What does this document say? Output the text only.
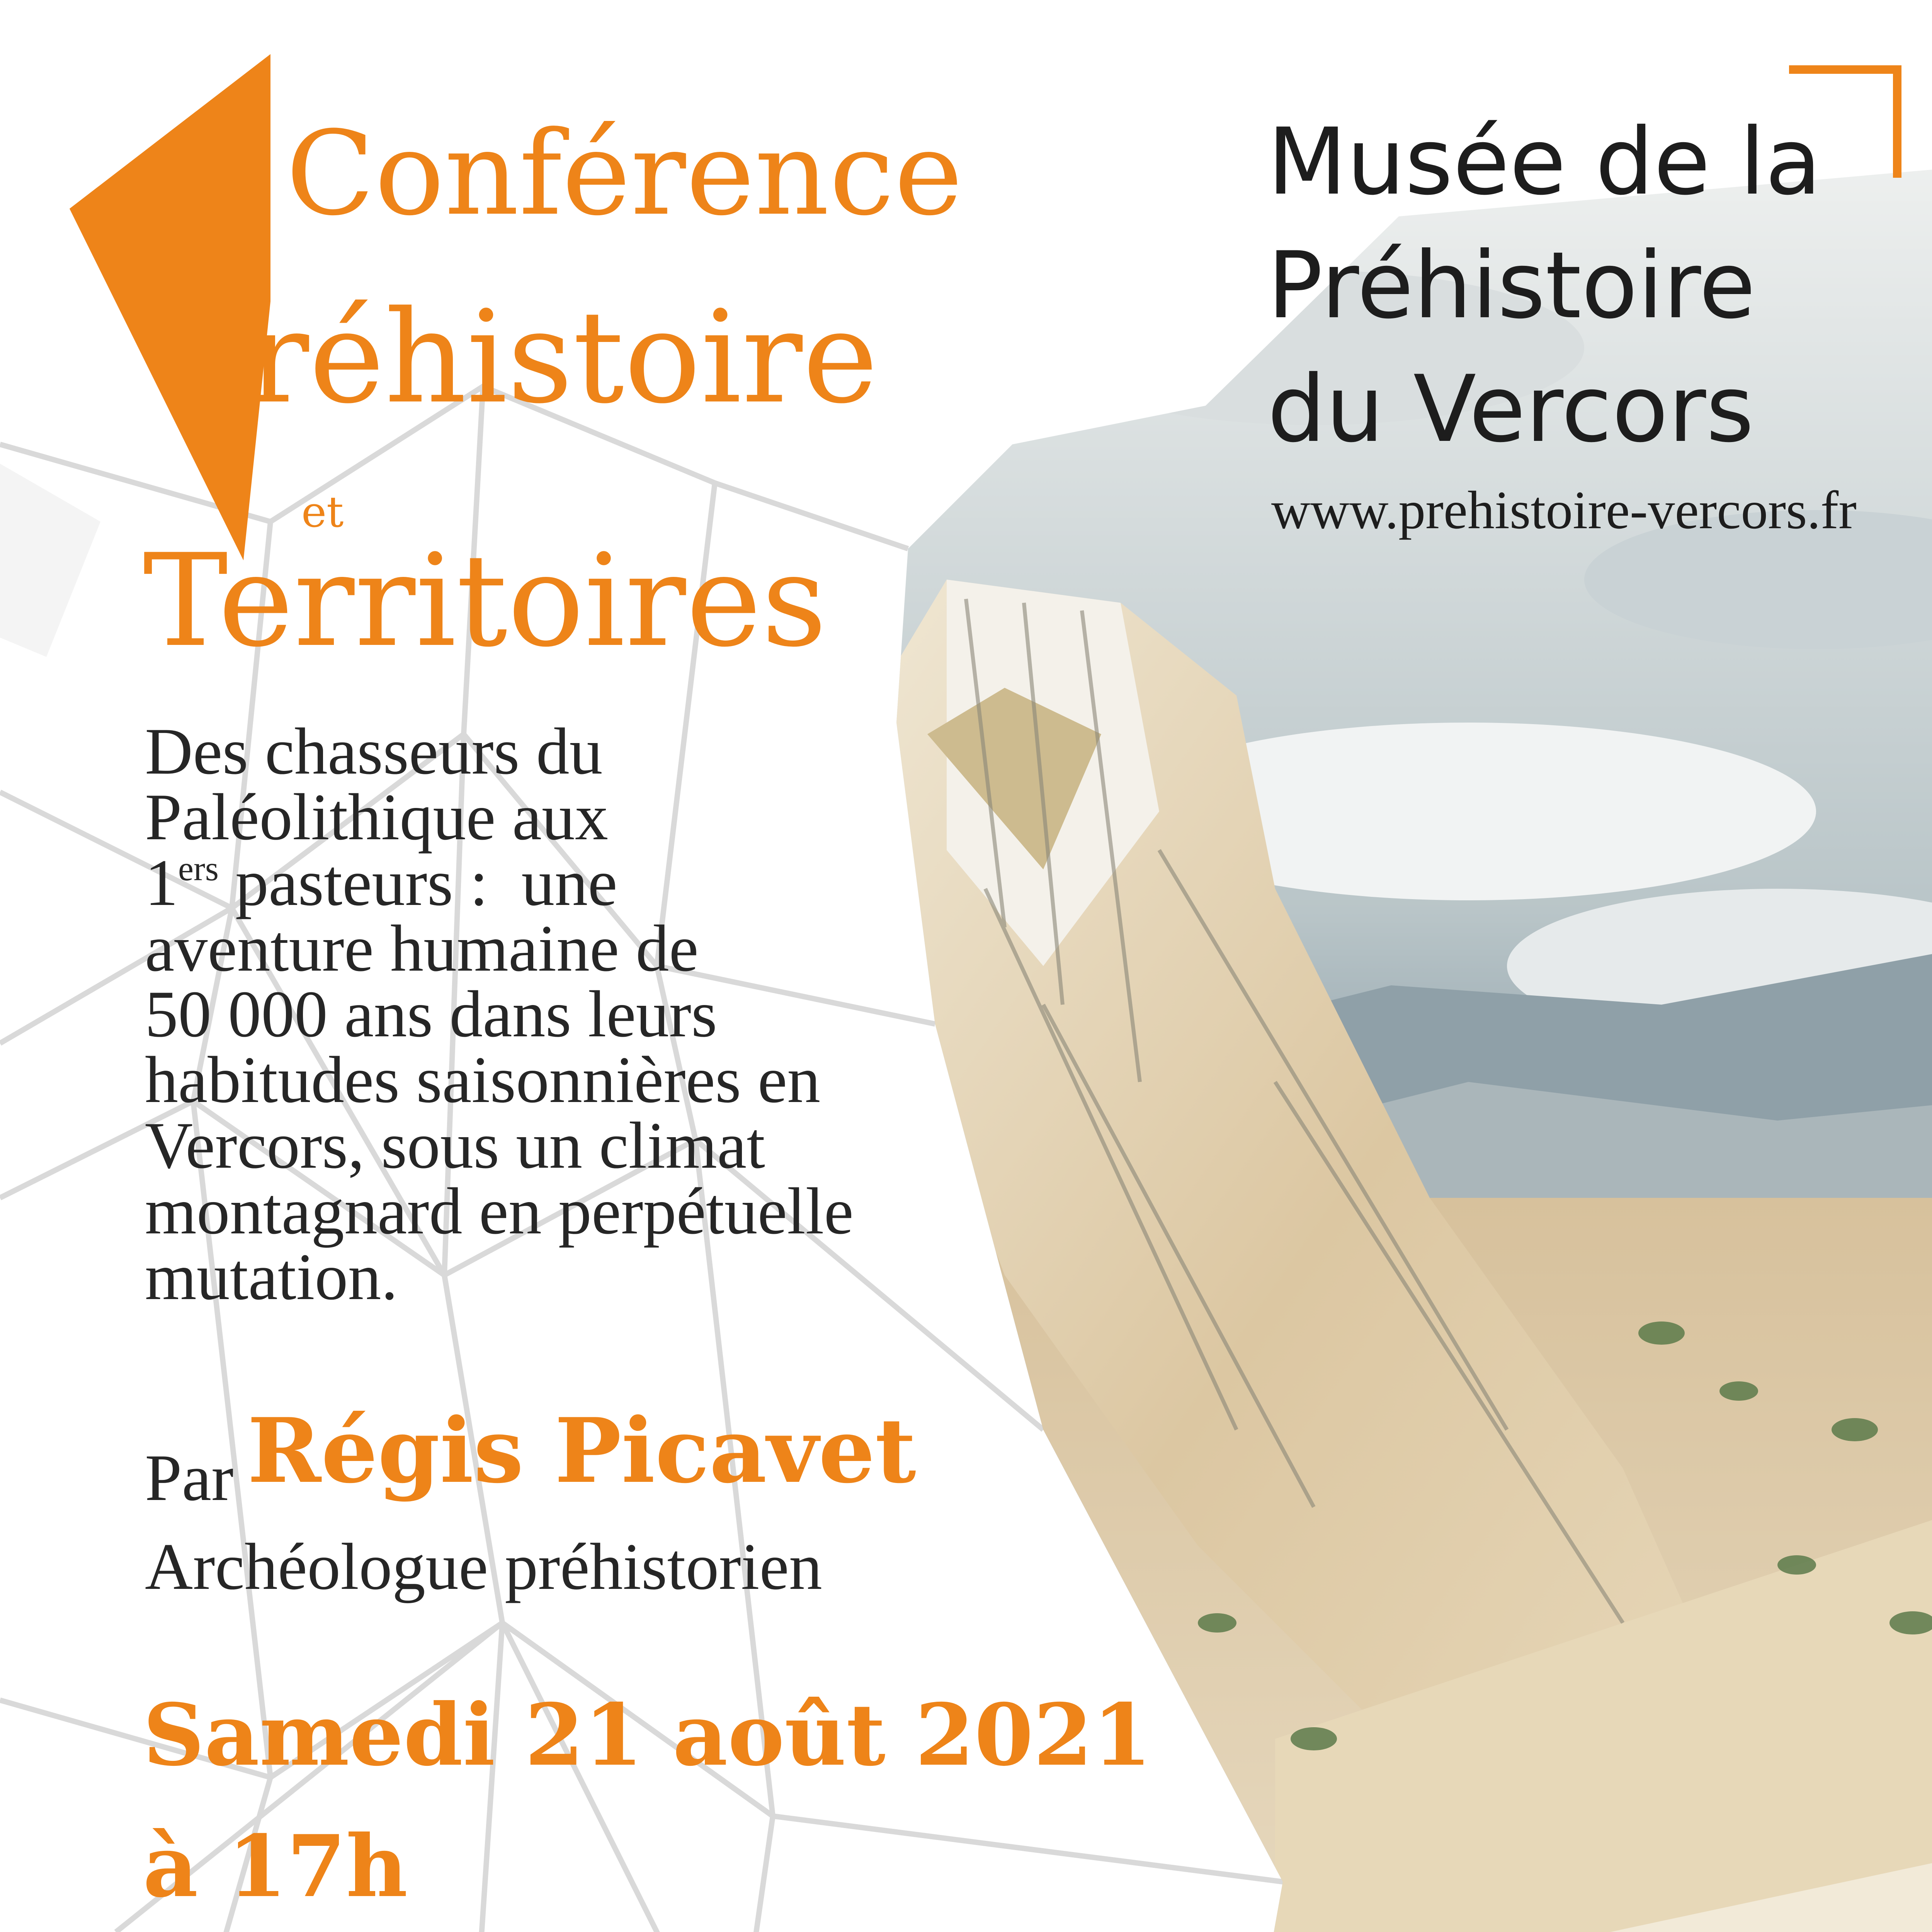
Conférence
Préhistoire
et
Territoires
Musée de la
Préhistoire
du Vercors
www.prehistoire-vercors.fr
Des chasseurs du
Paléolithique aux
1ers pasteurs :  une
aventure humaine de
50 000 ans dans leurs
habitudes saisonnières en
Vercors, sous un climat
montagnard en perpétuelle
mutation.
Par Régis Picavet
Archéologue préhistorien
Samedi 21 août 2021
à 17h
